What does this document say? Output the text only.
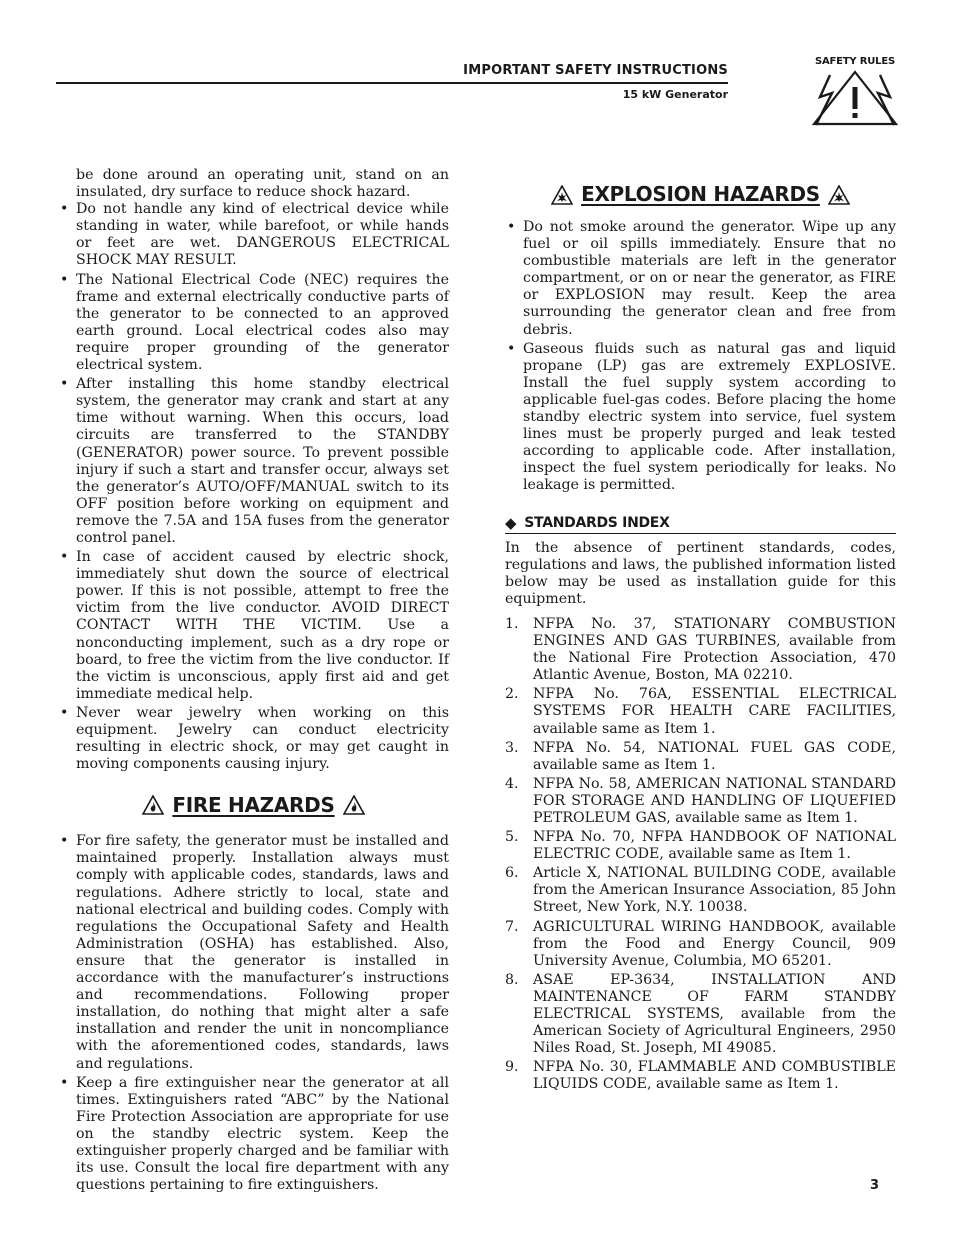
IMPORTANT SAFETY INSTRUCTIONS
15 kW Generator
SAFETY RULES

be done around an operating unit, stand on an insulated, dry surface to reduce shock hazard.

• Do not handle any kind of electrical device while standing in water, while barefoot, or while hands or feet are wet. DANGEROUS ELECTRICAL SHOCK MAY RESULT.
• The National Electrical Code (NEC) requires the frame and external electrically conductive parts of the generator to be connected to an approved earth ground. Local electrical codes also may require proper grounding of the generator electrical system.
• After installing this home standby electrical system, the generator may crank and start at any time without warning. When this occurs, load circuits are transferred to the STANDBY (GENERATOR) power source. To prevent possible injury if such a start and transfer occur, always set the generator’s AUTO/OFF/MANUAL switch to its OFF position before working on equipment and remove the 7.5A and 15A fuses from the generator control panel.
• In case of accident caused by electric shock, immediately shut down the source of electrical power. If this is not possible, attempt to free the victim from the live conductor. AVOID DIRECT CONTACT WITH THE VICTIM. Use a nonconducting implement, such as a dry rope or board, to free the victim from the live conductor. If the victim is unconscious, apply first aid and get immediate medical help.
• Never wear jewelry when working on this equipment. Jewelry can conduct electricity resulting in electric shock, or may get caught in moving components causing injury.
FIRE HAZARDS
• For fire safety, the generator must be installed and maintained properly. Installation always must comply with applicable codes, standards, laws and regulations. Adhere strictly to local, state and national electrical and building codes. Comply with regulations the Occupational Safety and Health Administration (OSHA) has established. Also, ensure that the generator is installed in accordance with the manufacturer’s instructions and recommendations. Following proper installation, do nothing that might alter a safe installation and render the unit in noncompliance with the aforementioned codes, standards, laws and regulations.
• Keep a fire extinguisher near the generator at all times. Extinguishers rated “ABC” by the National Fire Protection Association are appropriate for use on the standby electric system. Keep the extinguisher properly charged and be familiar with its use. Consult the local fire department with any questions pertaining to fire extinguishers.
EXPLOSION HAZARDS
• Do not smoke around the generator. Wipe up any fuel or oil spills immediately. Ensure that no combustible materials are left in the generator compartment, or on or near the generator, as FIRE or EXPLOSION may result. Keep the area surrounding the generator clean and free from debris.
• Gaseous fluids such as natural gas and liquid propane (LP) gas are extremely EXPLOSIVE. Install the fuel supply system according to applicable fuel-gas codes. Before placing the home standby electric system into service, fuel system lines must be properly purged and leak tested according to applicable code. After installation, inspect the fuel system periodically for leaks. No leakage is permitted.
◆ STANDARDS INDEX

In the absence of pertinent standards, codes, regulations and laws, the published information listed below may be used as installation guide for this equipment.

1. NFPA No. 37, STATIONARY COMBUSTION ENGINES AND GAS TURBINES, available from the National Fire Protection Association, 470 Atlantic Avenue, Boston, MA 02210.
2. NFPA No. 76A, ESSENTIAL ELECTRICAL SYSTEMS FOR HEALTH CARE FACILITIES, available same as Item 1.
3. NFPA No. 54, NATIONAL FUEL GAS CODE, available same as Item 1.
4. NFPA No. 58, AMERICAN NATIONAL STANDARD FOR STORAGE AND HANDLING OF LIQUEFIED PETROLEUM GAS, available same as Item 1.
5. NFPA No. 70, NFPA HANDBOOK OF NATIONAL ELECTRIC CODE, available same as Item 1.
6. Article X, NATIONAL BUILDING CODE, available from the American Insurance Association, 85 John Street, New York, N.Y. 10038.
7. AGRICULTURAL WIRING HANDBOOK, available from the Food and Energy Council, 909 University Avenue, Columbia, MO 65201.
8. ASAE EP-3634, INSTALLATION AND MAINTENANCE OF FARM STANDBY ELECTRICAL SYSTEMS, available from the American Society of Agricultural Engineers, 2950 Niles Road, St. Joseph, MI 49085.
9. NFPA No. 30, FLAMMABLE AND COMBUSTIBLE LIQUIDS CODE, available same as Item 1.
3
